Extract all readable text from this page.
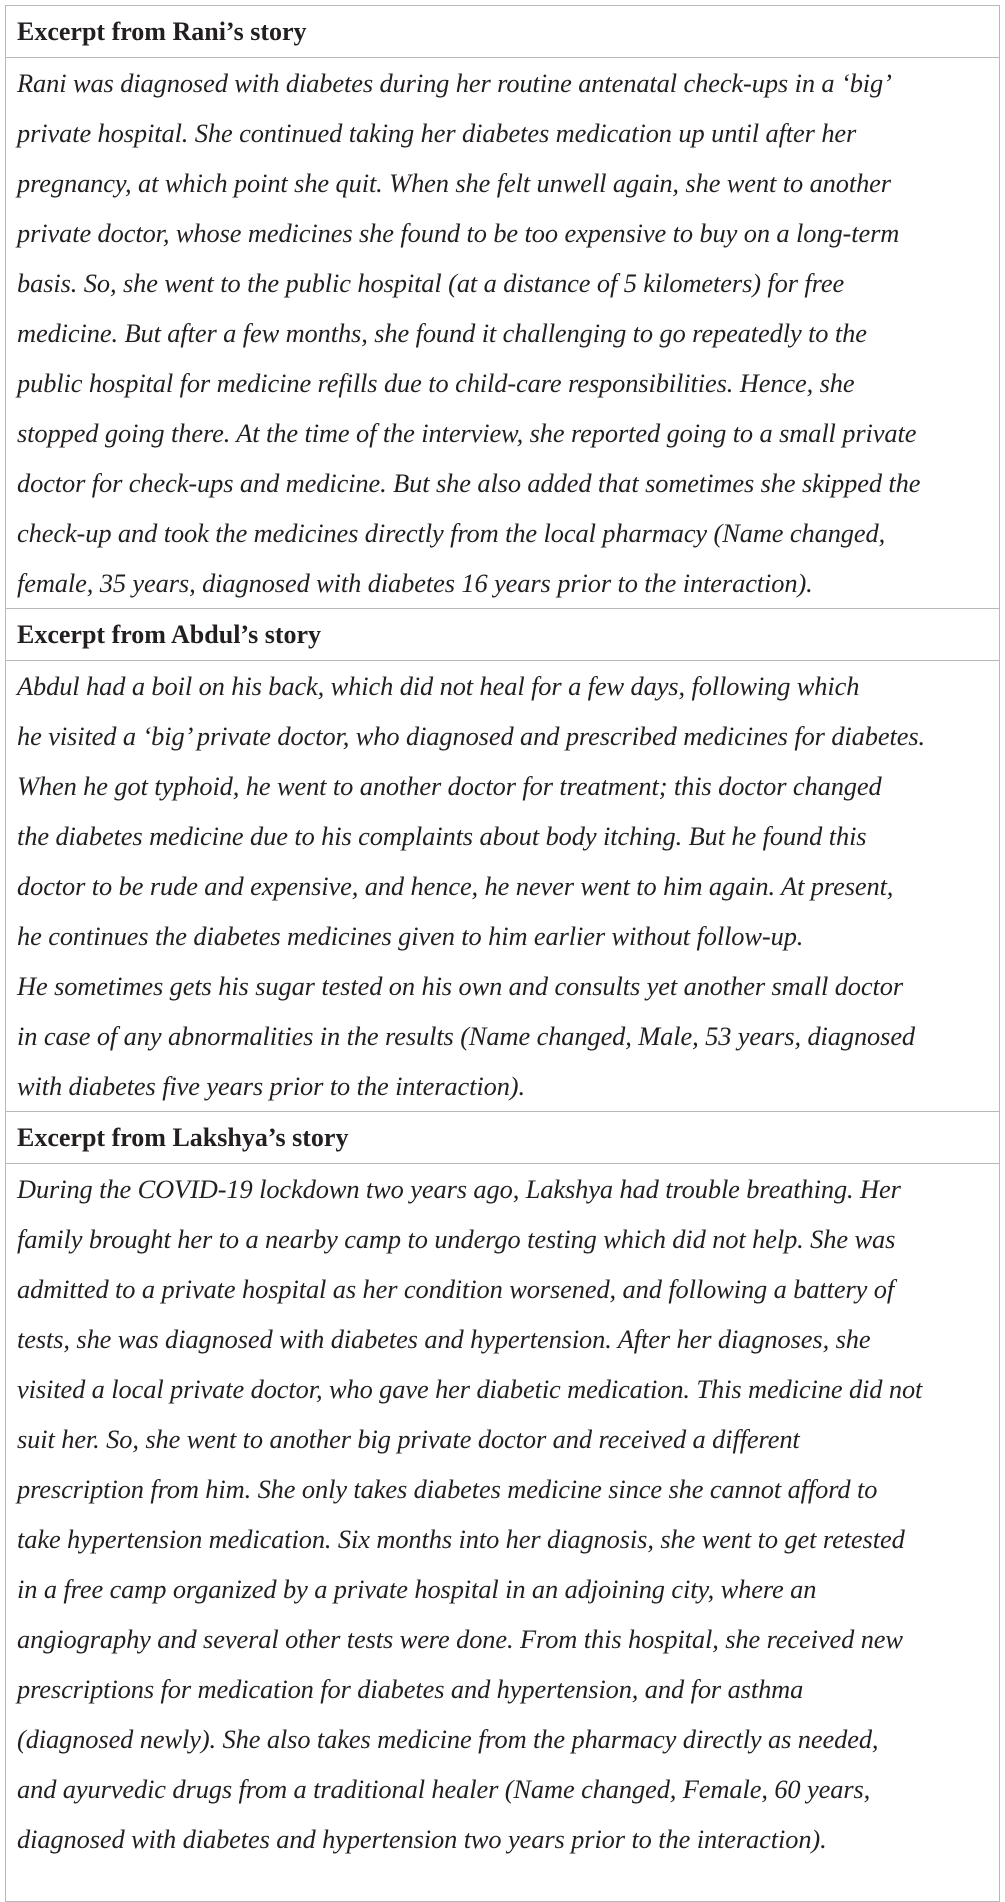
Excerpt from Rani’s story

Rani was diagnosed with diabetes during her routine antenatal check-ups in a ‘big’
private hospital. She continued taking her diabetes medication up until after her
pregnancy, at which point she quit. When she felt unwell again, she went to another
private doctor, whose medicines she found to be too expensive to buy on a long-term
basis. So, she went to the public hospital (at a distance of 5 kilometers) for free
medicine. But after a few months, she found it challenging to go repeatedly to the
public hospital for medicine refills due to child-care responsibilities. Hence, she
stopped going there. At the time of the interview, she reported going to a small private
doctor for check-ups and medicine. But she also added that sometimes she skipped the
check-up and took the medicines directly from the local pharmacy (Name changed,
female, 35 years, diagnosed with diabetes 16 years prior to the interaction).

Excerpt from Abdul’s story

Abdul had a boil on his back, which did not heal for a few days, following which
he visited a ‘big’ private doctor, who diagnosed and prescribed medicines for diabetes.
When he got typhoid, he went to another doctor for treatment; this doctor changed
the diabetes medicine due to his complaints about body itching. But he found this
doctor to be rude and expensive, and hence, he never went to him again. At present,
he continues the diabetes medicines given to him earlier without follow-up.
He sometimes gets his sugar tested on his own and consults yet another small doctor
in case of any abnormalities in the results (Name changed, Male, 53 years, diagnosed
with diabetes five years prior to the interaction).

Excerpt from Lakshya’s story

During the COVID-19 lockdown two years ago, Lakshya had trouble breathing. Her
family brought her to a nearby camp to undergo testing which did not help. She was
admitted to a private hospital as her condition worsened, and following a battery of
tests, she was diagnosed with diabetes and hypertension. After her diagnoses, she
visited a local private doctor, who gave her diabetic medication. This medicine did not
suit her. So, she went to another big private doctor and received a different
prescription from him. She only takes diabetes medicine since she cannot afford to
take hypertension medication. Six months into her diagnosis, she went to get retested
in a free camp organized by a private hospital in an adjoining city, where an
angiography and several other tests were done. From this hospital, she received new
prescriptions for medication for diabetes and hypertension, and for asthma
(diagnosed newly). She also takes medicine from the pharmacy directly as needed,
and ayurvedic drugs from a traditional healer (Name changed, Female, 60 years,
diagnosed with diabetes and hypertension two years prior to the interaction).
